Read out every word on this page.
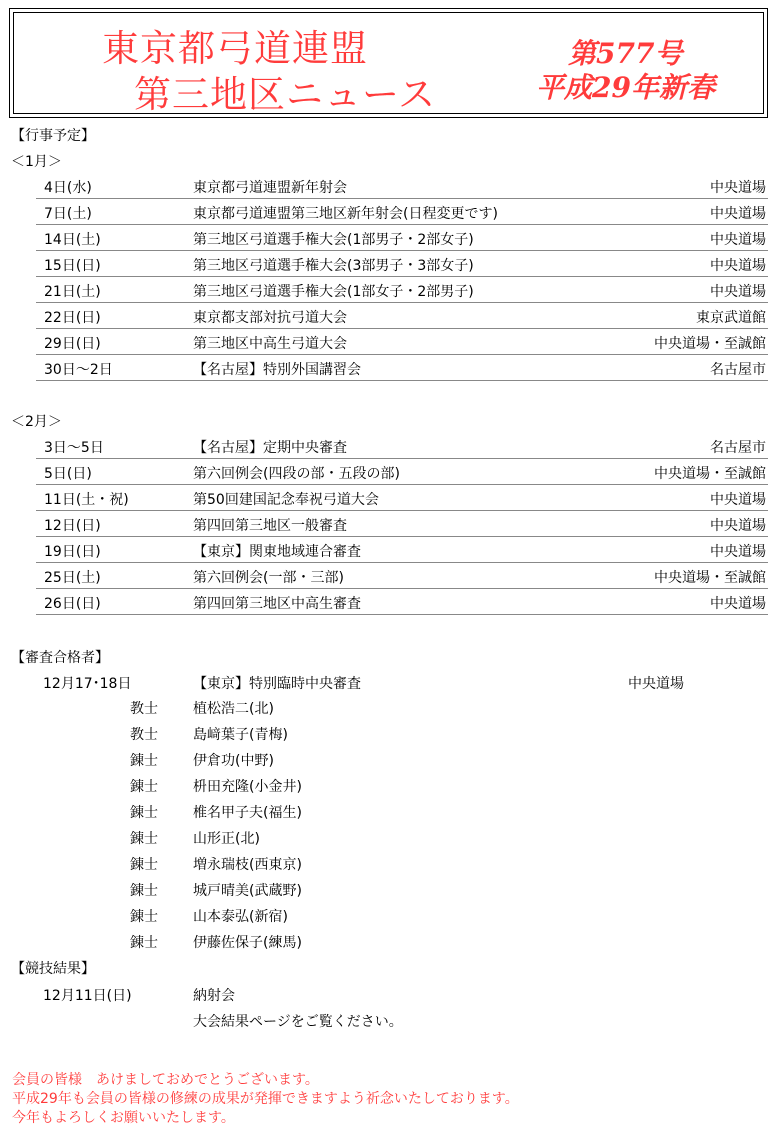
東京都弓道連盟
第三地区ニュース
第577号
平成29年新春
【行事予定】
＜1月＞
4日(水)	東京都弓道連盟新年射会	中央道場
7日(土)	東京都弓道連盟第三地区新年射会(日程変更です)	中央道場
14日(土)	第三地区弓道選手権大会(1部男子・2部女子)	中央道場
15日(日)	第三地区弓道選手権大会(3部男子・3部女子)	中央道場
21日(土)	第三地区弓道選手権大会(1部女子・2部男子)	中央道場
22日(日)	東京都支部対抗弓道大会	東京武道館
29日(日)	第三地区中高生弓道大会	中央道場・至誠館
30日～2日	【名古屋】特別外国講習会	名古屋市
＜2月＞
3日～5日	【名古屋】定期中央審査	名古屋市
5日(日)	第六回例会(四段の部・五段の部)	中央道場・至誠館
11日(土・祝)	第50回建国記念奉祝弓道大会	中央道場
12日(日)	第四回第三地区一般審査	中央道場
19日(日)	【東京】関東地域連合審査	中央道場
25日(土)	第六回例会(一部・三部)	中央道場・至誠館
26日(日)	第四回第三地区中高生審査	中央道場
【審査合格者】
12月17･18日	【東京】特別臨時中央審査	中央道場
教士	植松浩二(北)
教士	島﨑葉子(青梅)
錬士	伊倉功(中野)
錬士	枡田充隆(小金井)
錬士	椎名甲子夫(福生)
錬士	山形正(北)
錬士	増永瑞枝(西東京)
錬士	城戸晴美(武蔵野)
錬士	山本泰弘(新宿)
錬士	伊藤佐保子(練馬)
【競技結果】
12月11日(日)	納射会
大会結果ページをご覧ください。
会員の皆様　あけましておめでとうございます。
平成29年も会員の皆様の修練の成果が発揮できますよう祈念いたしております。
今年もよろしくお願いいたします。
